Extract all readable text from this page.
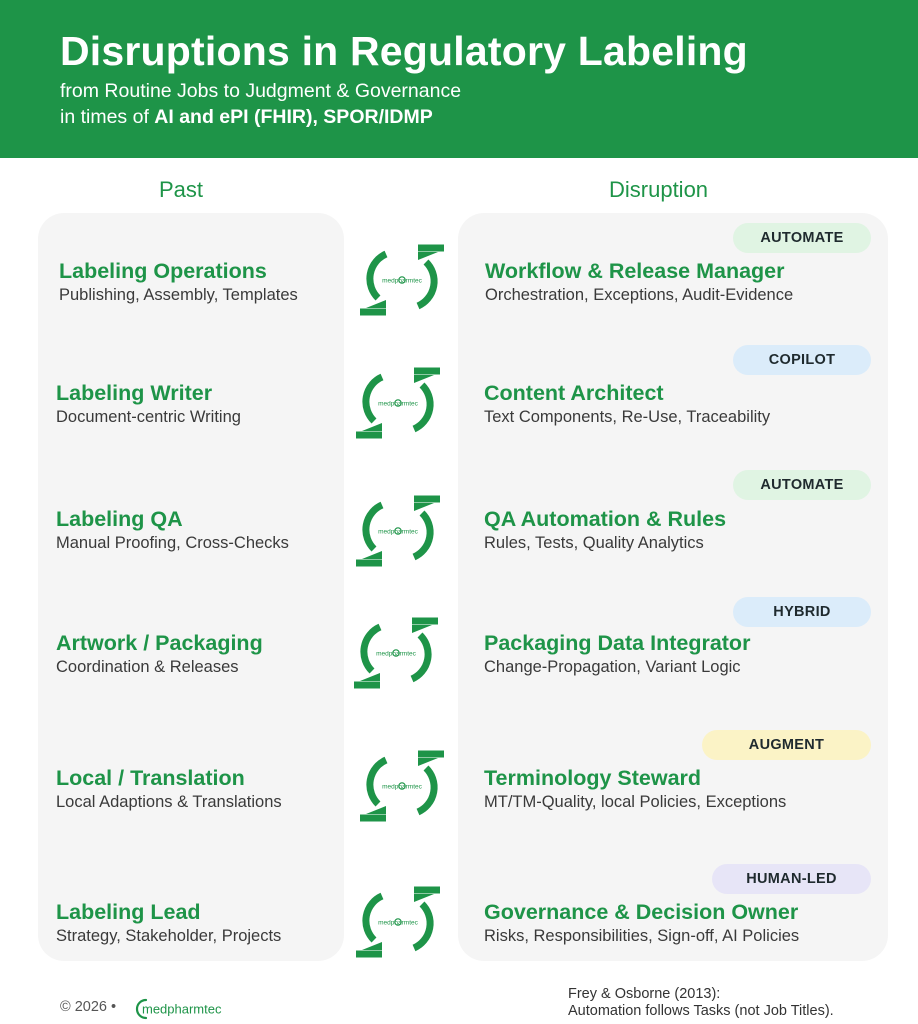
Disruptions in Regulatory Labeling
from Routine Jobs to Judgment & Governance
in times of AI and ePI (FHIR), SPOR/IDMP
Past	Disruption
Labeling Operations
Publishing, Assembly, Templates
AUTOMATE
Workflow & Release Manager
Orchestration, Exceptions, Audit-Evidence
Labeling Writer
Document-centric Writing
COPILOT
Content Architect
Text Components, Re-Use, Traceability
Labeling QA
Manual Proofing, Cross-Checks
AUTOMATE
QA Automation & Rules
Rules, Tests, Quality Analytics
Artwork / Packaging
Coordination & Releases
HYBRID
Packaging Data Integrator
Change-Propagation, Variant Logic
Local / Translation
Local Adaptions & Translations
AUGMENT
Terminology Steward
MT/TM-Quality, local Policies, Exceptions
Labeling Lead
Strategy, Stakeholder, Projects
HUMAN-LED
Governance & Decision Owner
Risks, Responsibilities, Sign-off, AI Policies
medpharmtec
medpharmtec
medpharmtec
medpharmtec
medpharmtec
medpharmtec
© 2026 • medpharmtec
Frey & Osborne (2013):
Automation follows Tasks (not Job Titles).
